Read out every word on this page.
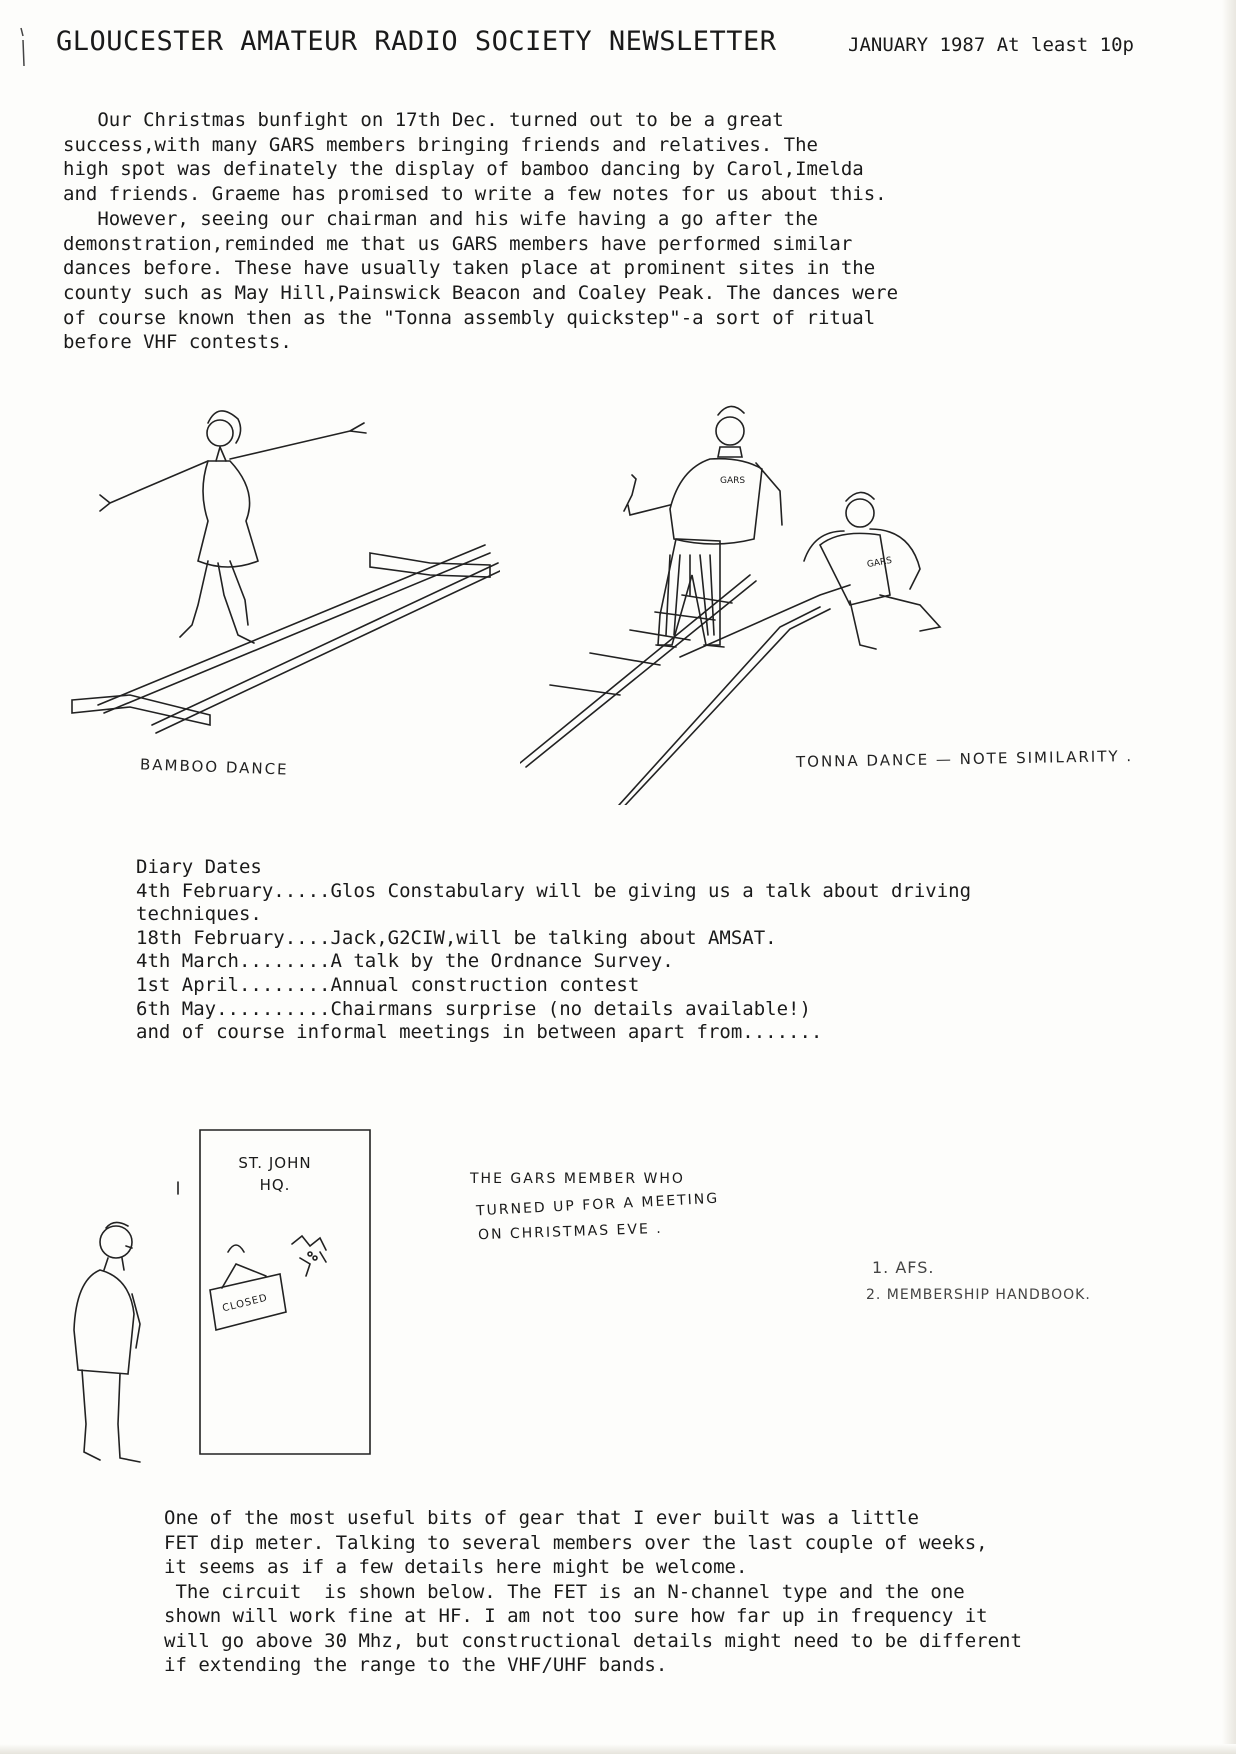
GLOUCESTER AMATEUR RADIO SOCIETY NEWSLETTER	JANUARY 1987 At least 10p

Our Christmas bunfight on 17th Dec. turned out to be a great

success,with many GARS members bringing friends and relatives. The

high spot was definately the display of bamboo dancing by Carol,Imelda

and friends. Graeme has promised to write a few notes for us about this.

However, seeing our chairman and his wife having a go after the

demonstration,reminded me that us GARS members have performed similar

dances before. These have usually taken place at prominent sites in the

county such as May Hill,Painswick Beacon and Coaley Peak. The dances were

of course known then as the "Tonna assembly quickstep"-a sort of ritual

before VHF contests.

GARS
GARS
BAMBOO DANCE	TONNA DANCE — NOTE SIMILARITY .

Diary Dates

4th February.....Glos Constabulary will be giving us a talk about driving

techniques.

18th February....Jack,G2CIW,will be talking about AMSAT.

4th March........A talk by the Ordnance Survey.

1st April........Annual construction contest

6th May..........Chairmans surprise (no details available!)

and of course informal meetings in between apart from.......

ST. JOHN
HQ.
CLOSED
THE GARS MEMBER WHO
TURNED UP FOR A MEETING
ON CHRISTMAS EVE .
1. AFS.
2. MEMBERSHIP HANDBOOK.

One of the most useful bits of gear that I ever built was a little

FET dip meter. Talking to several members over the last couple of weeks,

it seems as if a few details here might be welcome.

The circuit  is shown below. The FET is an N-channel type and the one

shown will work fine at HF. I am not too sure how far up in frequency it

will go above 30 Mhz, but constructional details might need to be different

if extending the range to the VHF/UHF bands.
